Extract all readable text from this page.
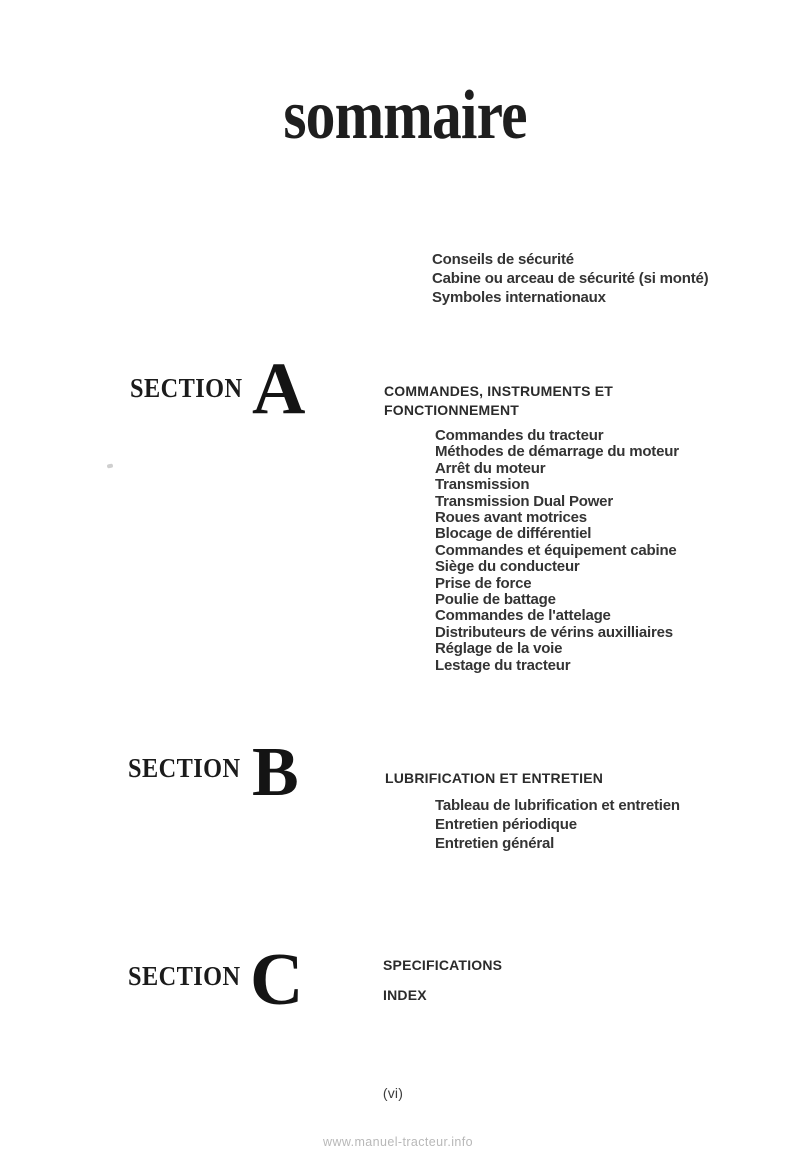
sommaire
Conseils de sécurité
Cabine ou arceau de sécurité (si monté)
Symboles internationaux
SECTION A	COMMANDES, INSTRUMENTS ET
FONCTIONNEMENT
Commandes du tracteur
Méthodes de démarrage du moteur
Arrêt du moteur
Transmission
Transmission Dual Power
Roues avant motrices
Blocage de différentiel
Commandes et équipement cabine
Siège du conducteur
Prise de force
Poulie de battage
Commandes de l'attelage
Distributeurs de vérins auxilliaires
Réglage de la voie
Lestage du tracteur
SECTION B	LUBRIFICATION ET ENTRETIEN
Tableau de lubrification et entretien
Entretien périodique
Entretien général
SECTION C	SPECIFICATIONS
INDEX
(vi)
www.manuel-tracteur.info
